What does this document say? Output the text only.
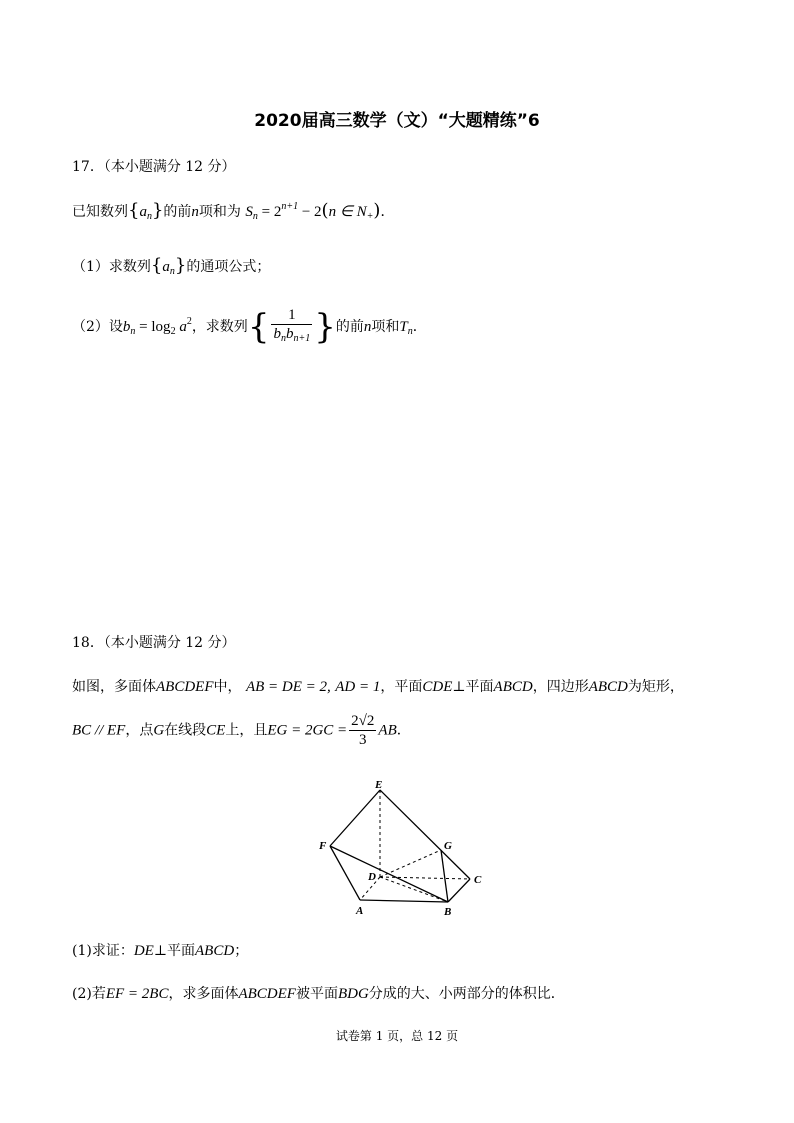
2020届高三数学（文）“大题精练”6
17．（本小题满分 12 分）
已知数列$\{a_n\}$的前n项和为 $S_n = 2^{n+1} - 2(n$ ∈ $N_+$)．
（1）求数列$\{a_n\}$的通项公式；
（2）设$b_n = \log_2 a^2$，求数列{ $\frac{1}{b_nb_{n+1}}$ }的前n项和$T_n$．
18．（本小题满分 12 分）
如图，多面体ABCDEF中， AB = DE = 2, AD = 1，平面CDE⊥平面ABCD，四边形ABCD为矩形，
BC // EF，点G在线段CE上，且EG = $2GC = \frac{2√2}{3}$ AB．
E
F	G
D	C
A	B
(1)求证：DE⊥平面ABCD；
(2)若EF = 2BC，求多面体ABCDEF被平面BDG分成的大、小两部分的体积比．
试卷第 1 页，总 12 页
